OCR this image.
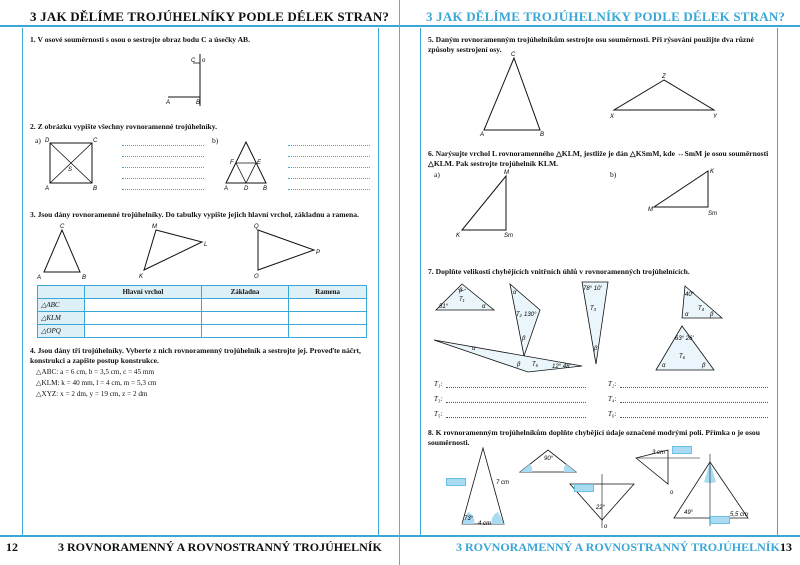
3 JAK DĚLÍME TROJÚHELNÍKY PODLE DÉLEK STRAN?
1. V osové souměrnosti s osou o sestrojte obraz bodu C a úsečky AB.
C o
A	B
2. Z obrázku vypište všechny rovnoramenné trojúhelníky.
a) D	C
S
A	B
b)
F	E
A	D B
3. Jsou dány rovnoramenné trojúhelníky. Do tabulky vypište jejich hlavní vrchol, základnu a ramena.
C
A	B
M
L
K
Q
P
O
	Hlavní vrchol	Základna	Ramena
△ABC			
△KLM			
△OPQ			
4. Jsou dány tři trojúhelníky. Vyberte z nich rovnoramenný trojúhelník a sestrojte jej. Proveďte náčrt, konstrukci a zapište postup konstrukce.
△ABC: a = 6 cm, b = 3,5 cm, c = 45 mm
△KLM: k = 40 mm, l = 4 cm, m = 5,3 cm
△XYZ: x = 2 dm, y = 19 cm, z = 2 dm
12	3 ROVNORAMENNÝ A ROVNOSTRANNÝ TROJÚHELNÍK
3 JAK DĚLÍME TROJÚHELNÍKY PODLE DÉLEK STRAN?
5. Daným rovnoramenným trojúhelníkům sestrojte osu souměrnosti. Při rýsování použijte dva různé způsoby sestrojení osy.
C
A	B
Z
X	Y
6. Narýsujte vrchol L rovnoramenného △KLM, jestliže je dán △KSmM, kde ↔SmM je osou souměrnosti △KLM. Pak sestrojte trojúhelník KLM.
a)	M
K	Sm
b)	K
M
Sm
7. Doplňte velikosti chybějících vnitřních úhlů v rovnoramenných trojúhelnících.
51°
T₁
β
α
130°
T₂
α
β
78° 10'
T₃
β
40°
T₄
α	β
12° 48'
T₅
α
β
63° 26'
T₆
α	β
T₁:
T₃:
T₅:
T₂:
T₄:
T₆:
8. K rovnoramenným trojúhelníkům doplňte chybějící údaje označené modrými poli. Přímka o je osou souměrnosti.
7 cm
4 cm
73°
90°
22°
o
3 cm
o
49°	5,5 cm
3 ROVNORAMENNÝ A ROVNOSTRANNÝ TROJÚHELNÍK 13
